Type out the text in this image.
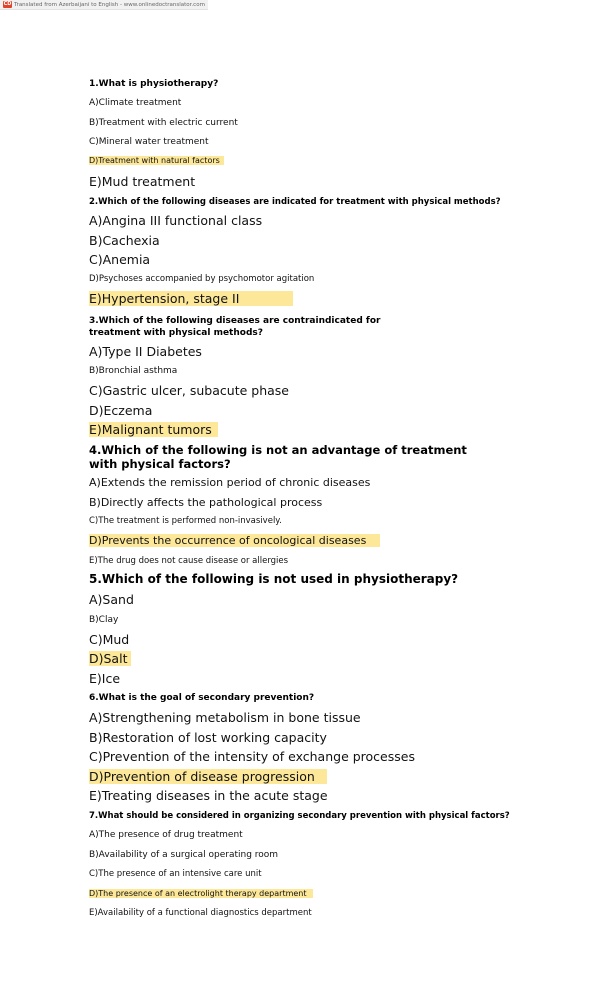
CD Translated from Azerbaijani to English - www.onlinedoctranslator.com
1.What is physiotherapy?
A)Climate treatment
B)Treatment with electric current
C)Mineral water treatment
D)Treatment with natural factors
E)Mud treatment
2.Which of the following diseases are indicated for treatment with physical methods?
A)Angina III functional class
B)Cachexia
C)Anemia
D)Psychoses accompanied by psychomotor agitation
E)Hypertension, stage II
3.Which of the following diseases are contraindicated for treatment with physical methods?
A)Type II Diabetes
B)Bronchial asthma
C)Gastric ulcer, subacute phase
D)Eczema
E)Malignant tumors
4.Which of the following is not an advantage of treatment with physical factors?
A)Extends the remission period of chronic diseases
B)Directly affects the pathological process
C)The treatment is performed non-invasively.
D)Prevents the occurrence of oncological diseases
E)The drug does not cause disease or allergies
5.Which of the following is not used in physiotherapy?
A)Sand
B)Clay
C)Mud
D)Salt
E)Ice
6.What is the goal of secondary prevention?
A)Strengthening metabolism in bone tissue
B)Restoration of lost working capacity
C)Prevention of the intensity of exchange processes
D)Prevention of disease progression
E)Treating diseases in the acute stage
7.What should be considered in organizing secondary prevention with physical factors?
A)The presence of drug treatment
B)Availability of a surgical operating room
C)The presence of an intensive care unit
D)The presence of an electrolight therapy department
E)Availability of a functional diagnostics department
